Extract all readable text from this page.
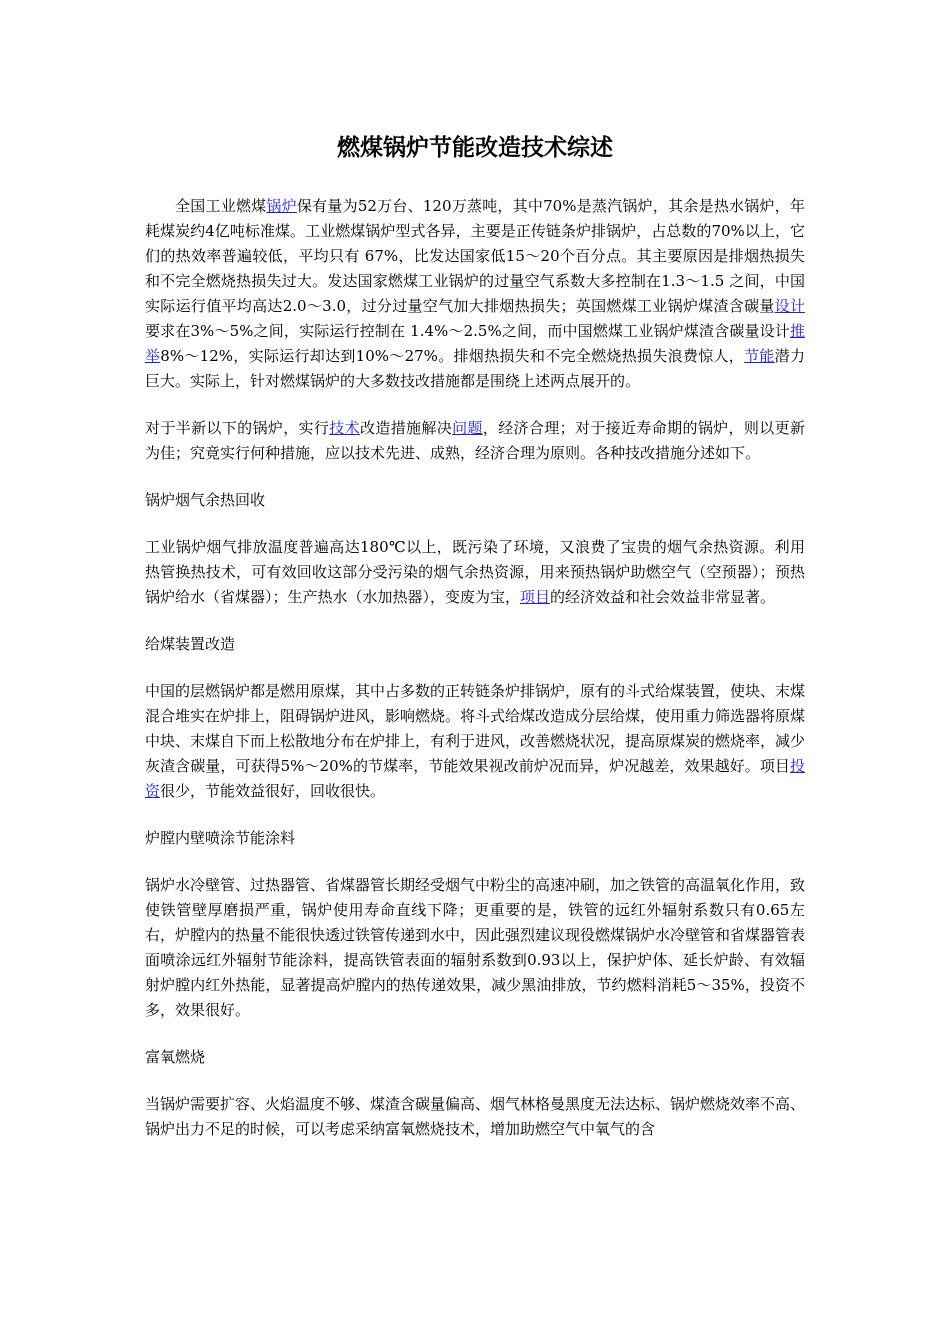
燃煤锅炉节能改造技术综述

全国工业燃煤锅炉保有量为52万台、120万蒸吨，其中70%是蒸汽锅炉，其余是热水锅炉，年耗煤炭约4亿吨标准煤。工业燃煤锅炉型式各异，主要是正传链条炉排锅炉，占总数的70%以上，它们的热效率普遍较低，平均只有 67%，比发达国家低15～20个百分点。其主要原因是排烟热损失和不完全燃烧热损失过大。发达国家燃煤工业锅炉的过量空气系数大多控制在1.3～1.5 之间，中国实际运行值平均高达2.0～3.0，过分过量空气加大排烟热损失；英国燃煤工业锅炉煤渣含碳量设计要求在3%～5%之间，实际运行控制在 1.4%～2.5%之间，而中国燃煤工业锅炉煤渣含碳量设计推举8%～12%，实际运行却达到10%～27%。排烟热损失和不完全燃烧热损失浪费惊人，节能潜力巨大。实际上，针对燃煤锅炉的大多数技改措施都是围绕上述两点展开的。

对于半新以下的锅炉，实行技术改造措施解决问题，经济合理；对于接近寿命期的锅炉，则以更新为佳；究竟实行何种措施，应以技术先进、成熟，经济合理为原则。各种技改措施分述如下。

锅炉烟气余热回收

工业锅炉烟气排放温度普遍高达180℃以上，既污染了环境，又浪费了宝贵的烟气余热资源。利用热管换热技术，可有效回收这部分受污染的烟气余热资源，用来预热锅炉助燃空气（空预器）；预热锅炉给水（省煤器）；生产热水（水加热器），变废为宝，项目的经济效益和社会效益非常显著。

给煤装置改造

中国的层燃锅炉都是燃用原煤，其中占多数的正转链条炉排锅炉，原有的斗式给煤装置，使块、末煤混合堆实在炉排上，阻碍锅炉进风，影响燃烧。将斗式给煤改造成分层给煤，使用重力筛选器将原煤中块、末煤自下而上松散地分布在炉排上，有利于进风，改善燃烧状况，提高原煤炭的燃烧率，减少灰渣含碳量，可获得5%～20%的节煤率，节能效果视改前炉况而异，炉况越差，效果越好。项目投资很少，节能效益很好，回收很快。

炉膛内壁喷涂节能涂料

锅炉水冷壁管、过热器管、省煤器管长期经受烟气中粉尘的高速冲刷，加之铁管的高温氧化作用，致使铁管壁厚磨损严重，锅炉使用寿命直线下降；更重要的是，铁管的远红外辐射系数只有0.65左右，炉膛内的热量不能很快透过铁管传递到水中，因此强烈建议现役燃煤锅炉水冷壁管和省煤器管表面喷涂远红外辐射节能涂料，提高铁管表面的辐射系数到0.93以上，保护炉体、延长炉龄、有效辐射炉膛内红外热能，显著提高炉膛内的热传递效果，减少黑油排放，节约燃料消耗5～35%，投资不多，效果很好。

富氧燃烧

当锅炉需要扩容、火焰温度不够、煤渣含碳量偏高、烟气林格曼黑度无法达标、锅炉燃烧效率不高、锅炉出力不足的时候，可以考虑采纳富氧燃烧技术，增加助燃空气中氧气的含
